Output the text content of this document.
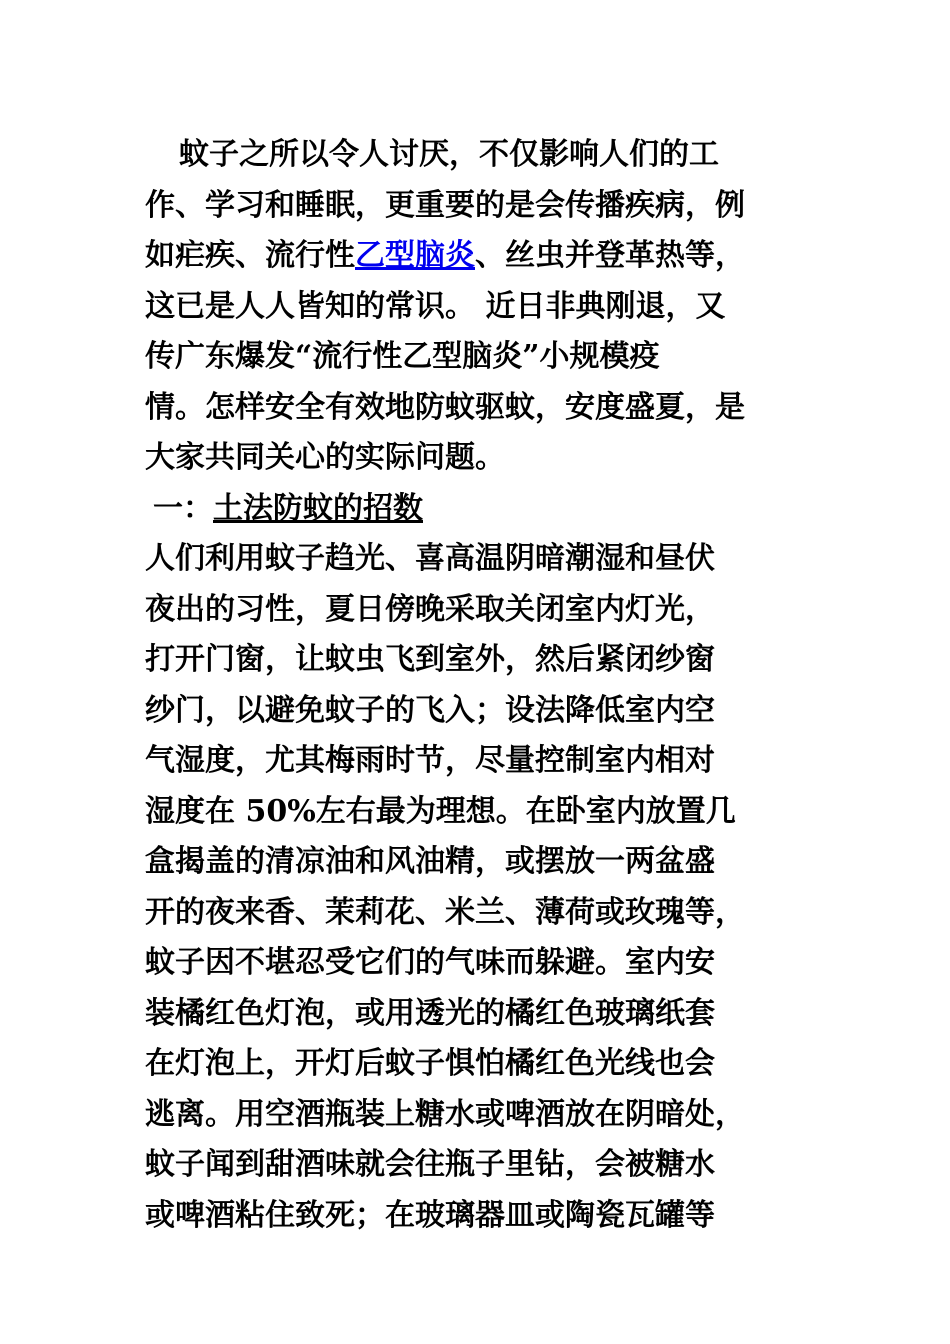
蚊子之所以令人讨厌，不仅影响人们的工
作、学习和睡眠，更重要的是会传播疾病，例
如疟疾、流行性乙型脑炎、丝虫并登革热等，
这已是人人皆知的常识。 近日非典刚退，又
传广东爆发“流行性乙型脑炎”小规模疫
情。怎样安全有效地防蚊驱蚊，安度盛夏，是
大家共同关心的实际问题。
一：土法防蚊的招数
人们利用蚊子趋光、喜高温阴暗潮湿和昼伏
夜出的习性，夏日傍晚采取关闭室内灯光，
打开门窗，让蚊虫飞到室外，然后紧闭纱窗
纱门，以避免蚊子的飞入；设法降低室内空
气湿度，尤其梅雨时节，尽量控制室内相对
湿度在 50%左右最为理想。在卧室内放置几
盒揭盖的清凉油和风油精，或摆放一两盆盛
开的夜来香、茉莉花、米兰、薄荷或玫瑰等，
蚊子因不堪忍受它们的气味而躲避。室内安
装橘红色灯泡，或用透光的橘红色玻璃纸套
在灯泡上，开灯后蚊子惧怕橘红色光线也会
逃离。用空酒瓶装上糖水或啤酒放在阴暗处，
蚊子闻到甜酒味就会往瓶子里钻，会被糖水
或啤酒粘住致死；在玻璃器皿或陶瓷瓦罐等
